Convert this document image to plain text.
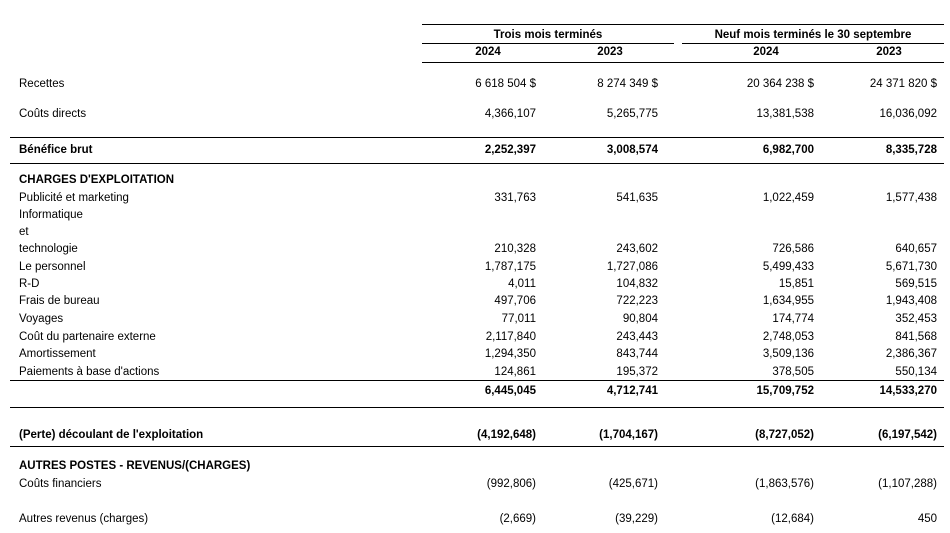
Trois mois terminés	Neuf mois terminés le 30 septembre
2024	2023	2024	2023
Recettes	6 618 504 $	8 274 349 $	20 364 238 $	24 371 820 $
Coûts directs	4,366,107	5,265,775	13,381,538	16,036,092
Bénéfice brut	2,252,397	3,008,574	6,982,700	8,335,728
CHARGES D'EXPLOITATION
Publicité et marketing	331,763	541,635	1,022,459	1,577,438
Informatique
et
technologie	210,328	243,602	726,586	640,657
Le personnel	1,787,175	1,727,086	5,499,433	5,671,730
R-D	4,011	104,832	15,851	569,515
Frais de bureau	497,706	722,223	1,634,955	1,943,408
Voyages	77,011	90,804	174,774	352,453
Coût du partenaire externe	2,117,840	243,443	2,748,053	841,568
Amortissement	1,294,350	843,744	3,509,136	2,386,367
Paiements à base d'actions	124,861	195,372	378,505	550,134
6,445,045	4,712,741	15,709,752	14,533,270
(Perte) découlant de l'exploitation	(4,192,648)	(1,704,167)	(8,727,052)	(6,197,542)
AUTRES POSTES - REVENUS/(CHARGES)
Coûts financiers	(992,806)	(425,671)	(1,863,576)	(1,107,288)
Autres revenus (charges)	(2,669)	(39,229)	(12,684)	450
